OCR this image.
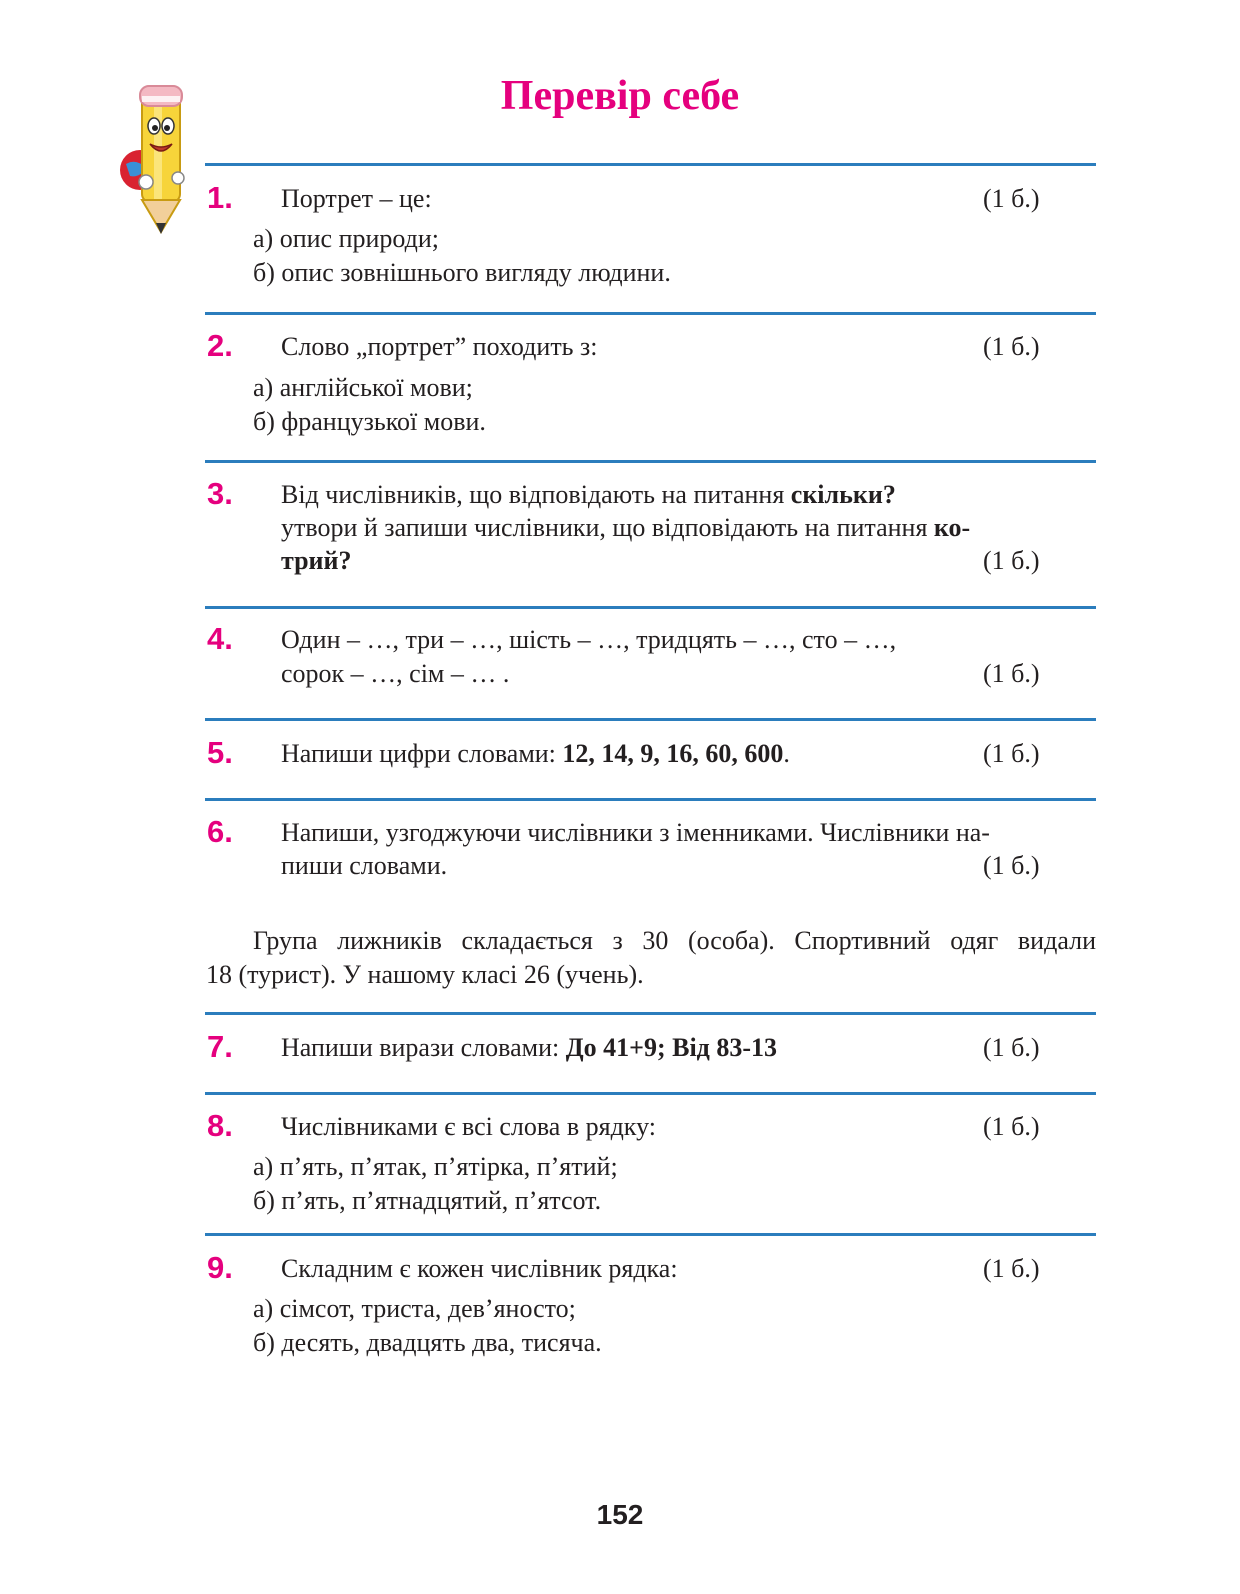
Перевір себе
1. Портрет – це:	(1 б.)
а) опис природи;
б) опис зовнішнього вигляду людини.
2. Слово „портрет” походить з:	(1 б.)
а) англійської мови;
б) французької мови.
3. Від числівників, що відповідають на питання скільки?
утвори й запиши числівники, що відповідають на питання ко-
трий?	(1 б.)
4. Один – …, три – …, шість – …, тридцять – …, сто – …,
сорок – …, сім – … .	(1 б.)
5. Напиши цифри словами: 12, 14, 9, 16, 60, 600.	(1 б.)
6. Напиши, узгоджуючи числівники з іменниками. Числівники на-
пиши словами.	(1 б.)
Група лижників складається з 30 (особа). Спортивний одяг видали
18 (турист). У нашому класі 26 (учень).
7. Напиши вирази словами: До 41+9; Від 83-13	(1 б.)
8. Числівниками є всі слова в рядку:	(1 б.)
а) п’ять, п’ятак, п’ятірка, п’ятий;
б) п’ять, п’ятнадцятий, п’ятсот.
9. Складним є кожен числівник рядка:	(1 б.)
а) сімсот, триста, дев’яносто;
б) десять, двадцять два, тисяча.
152
